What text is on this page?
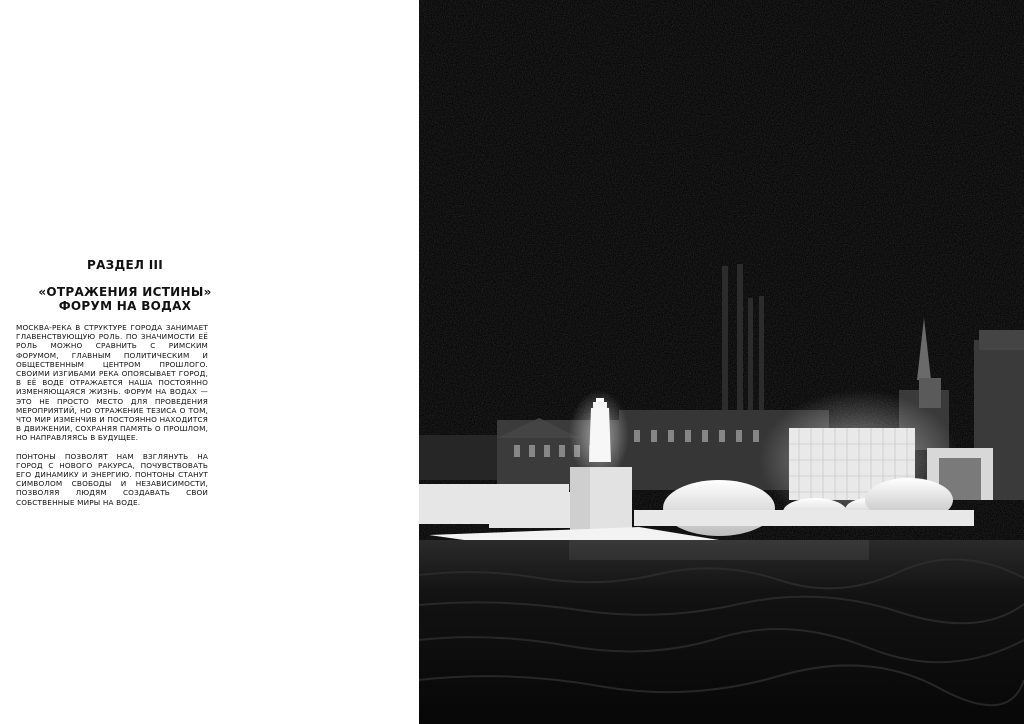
РАЗДЕЛ III
«ОТРАЖЕНИЯ ИСТИНЫ»
ФОРУМ НА ВОДАХ

МОСКВА-РЕКА В СТРУКТУРЕ ГОРОДА ЗАНИМАЕТ ГЛАВЕНСТВУЮЩУЮ РОЛЬ. ПО ЗНАЧИМОСТИ ЕЁ РОЛЬ МОЖНО СРАВНИТЬ С РИМСКИМ ФОРУМОМ, ГЛАВНЫМ ПОЛИТИЧЕСКИМ И ОБЩЕСТВЕННЫМ ЦЕНТРОМ ПРОШЛОГО. СВОИМИ ИЗГИБАМИ РЕКА ОПОЯСЫВАЕТ ГОРОД, В ЕЁ ВОДЕ ОТРАЖАЕТСЯ НАША ПОСТОЯННО ИЗМЕНЯЮЩАЯСЯ ЖИЗНЬ. ФОРУМ НА ВОДАХ — ЭТО НЕ ПРОСТО МЕСТО ДЛЯ ПРОВЕДЕНИЯ МЕРОПРИЯТИЙ, НО ОТРАЖЕНИЕ ТЕЗИСА О ТОМ, ЧТО МИР ИЗМЕНЧИВ И ПОСТОЯННО НАХОДИТСЯ В ДВИЖЕНИИ, СОХРАНЯЯ ПАМЯТЬ О ПРОШЛОМ, НО НАПРАВЛЯЯСЬ В БУДУЩЕЕ.

ПОНТОНЫ ПОЗВОЛЯТ НАМ ВЗГЛЯНУТЬ НА ГОРОД С НОВОГО РАКУРСА, ПОЧУВСТВОВАТЬ ЕГО ДИНАМИКУ И ЭНЕРГИЮ. ПОНТОНЫ СТАНУТ СИМВОЛОМ СВОБОДЫ И НЕЗАВИСИМОСТИ, ПОЗВОЛЯЯ ЛЮДЯМ СОЗДАВАТЬ СВОИ СОБСТВЕННЫЕ МИРЫ НА ВОДЕ.
